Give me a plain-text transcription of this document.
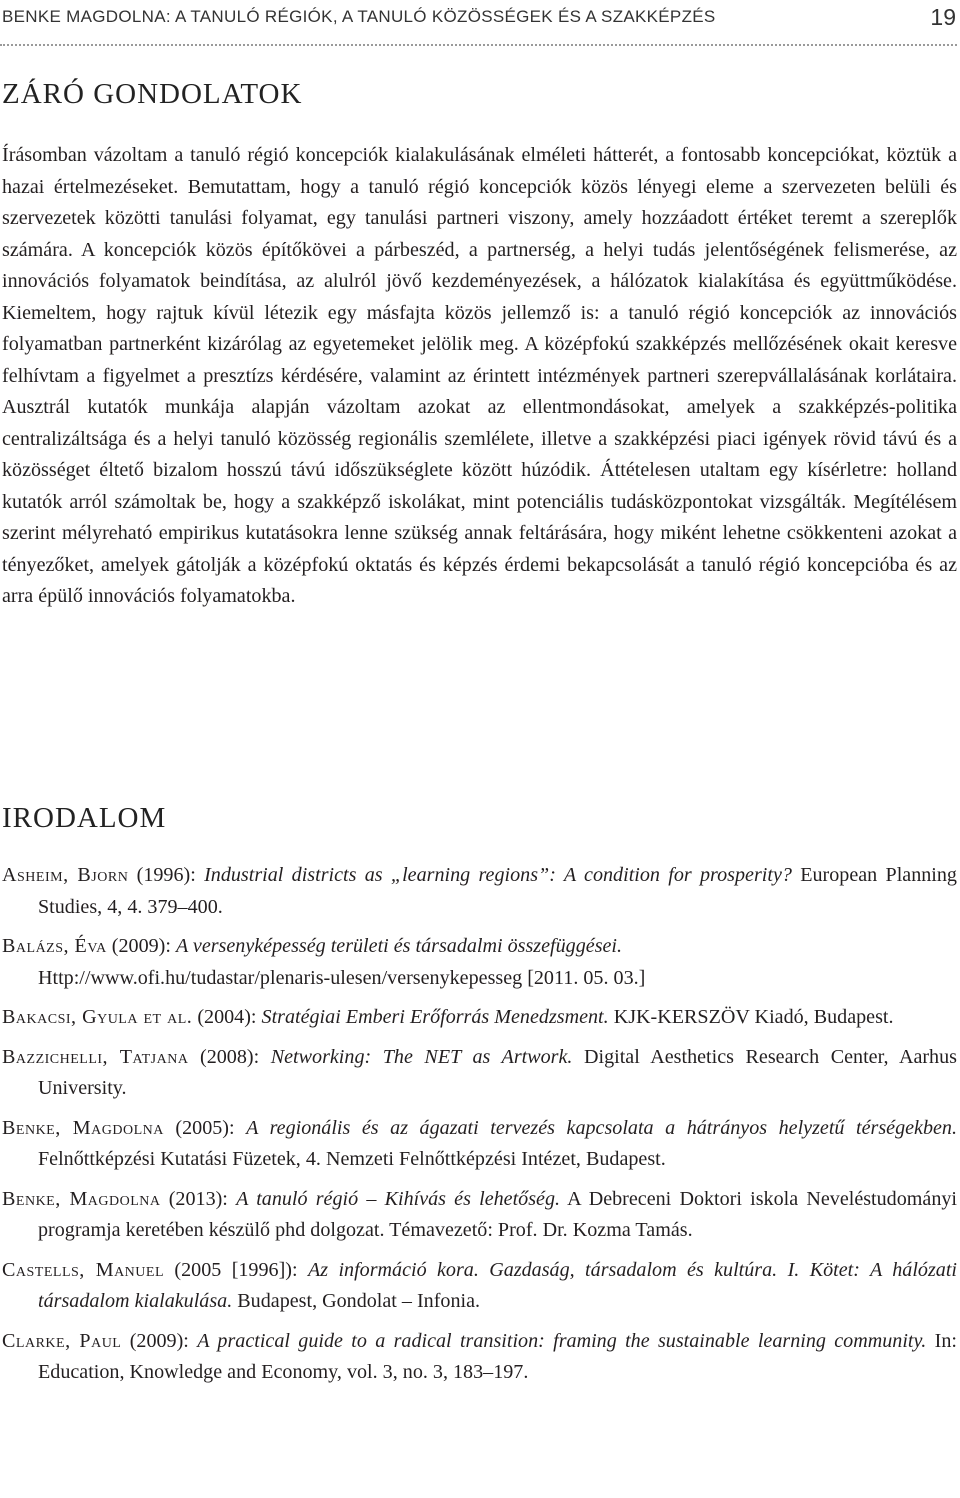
BENKE MAGDOLNA: A TANULÓ RÉGIÓK, A TANULÓ KÖZÖSSÉGEK ÉS A SZAKKÉPZÉS	19
ZÁRÓ GONDOLATOK

Írásomban vázoltam a tanuló régió koncepciók kialakulásának elméleti hátterét, a fontosabb koncepciókat, köztük a hazai értelmezéseket. Bemutattam, hogy a tanuló régió koncepciók közös lényegi eleme a szervezeten belüli és szervezetek közötti tanulási folyamat, egy tanulási partneri viszony, amely hozzáadott értéket teremt a szereplők számára. A koncepciók közös építőkövei a párbeszéd, a partnerség, a helyi tudás jelentőségének felismerése, az innovációs folyamatok beindítása, az alulról jövő kezdeményezések, a hálózatok kialakítása és együttműködése. Kiemeltem, hogy rajtuk kívül létezik egy másfajta közös jellemző is: a tanuló régió koncepciók az innovációs folyamatban partnerként kizárólag az egyetemeket jelölik meg. A középfokú szakképzés mellőzésének okait keresve felhívtam a figyelmet a presztízs kérdésére, valamint az érintett intézmények partneri szerepvállalásának korlátaira. Ausztrál kutatók munkája alapján vázoltam azokat az ellentmondásokat, amelyek a szakképzés-politika centralizáltsága és a helyi tanuló közösség regionális szemlélete, illetve a szakképzési piaci igények rövid távú és a közösséget éltető bizalom hosszú távú időszükséglete között húzódik. Áttételesen utaltam egy kísérletre: holland kutatók arról számoltak be, hogy a szakképző iskolákat, mint potenciális tudásközpontokat vizsgálták. Megítélésem szerint mélyreható empirikus kutatásokra lenne szükség annak feltárására, hogy miként lehetne csökkenteni azokat a tényezőket, amelyek gátolják a középfokú oktatás és képzés érdemi bekapcsolását a tanuló régió koncepcióba és az arra épülő innovációs folyamatokba.

IRODALOM

Asheim, Bjorn (1996): Industrial districts as „learning regions”: A condition for prosperity? European Planning Studies, 4, 4. 379–400.

Balázs, Éva (2009): A versenyképesség területi és társadalmi összefüggései.
Http://www.ofi.hu/tudastar/plenaris-ulesen/versenykepesseg [2011. 05. 03.]

Bakacsi, Gyula et al. (2004): Stratégiai Emberi Erőforrás Menedzsment. KJK-KERSZÖV Kiadó, Budapest.

Bazzichelli, Tatjana (2008): Networking: The NET as Artwork. Digital Aesthetics Research Center, Aarhus University.

Benke, Magdolna (2005): A regionális és az ágazati tervezés kapcsolata a hátrányos helyzetű térségekben. Felnőttképzési Kutatási Füzetek, 4. Nemzeti Felnőttképzési Intézet, Budapest.

Benke, Magdolna (2013): A tanuló régió – Kihívás és lehetőség. A Debreceni Doktori iskola Neveléstudományi programja keretében készülő phd dolgozat. Témavezető: Prof. Dr. Kozma Tamás.

Castells, Manuel (2005 [1996]): Az információ kora. Gazdaság, társadalom és kultúra. I. Kötet: A hálózati társadalom kialakulása. Budapest, Gondolat – Infonia.

Clarke, Paul (2009): A practical guide to a radical transition: framing the sustainable learning community. In: Education, Knowledge and Economy, vol. 3, no. 3, 183–197.
